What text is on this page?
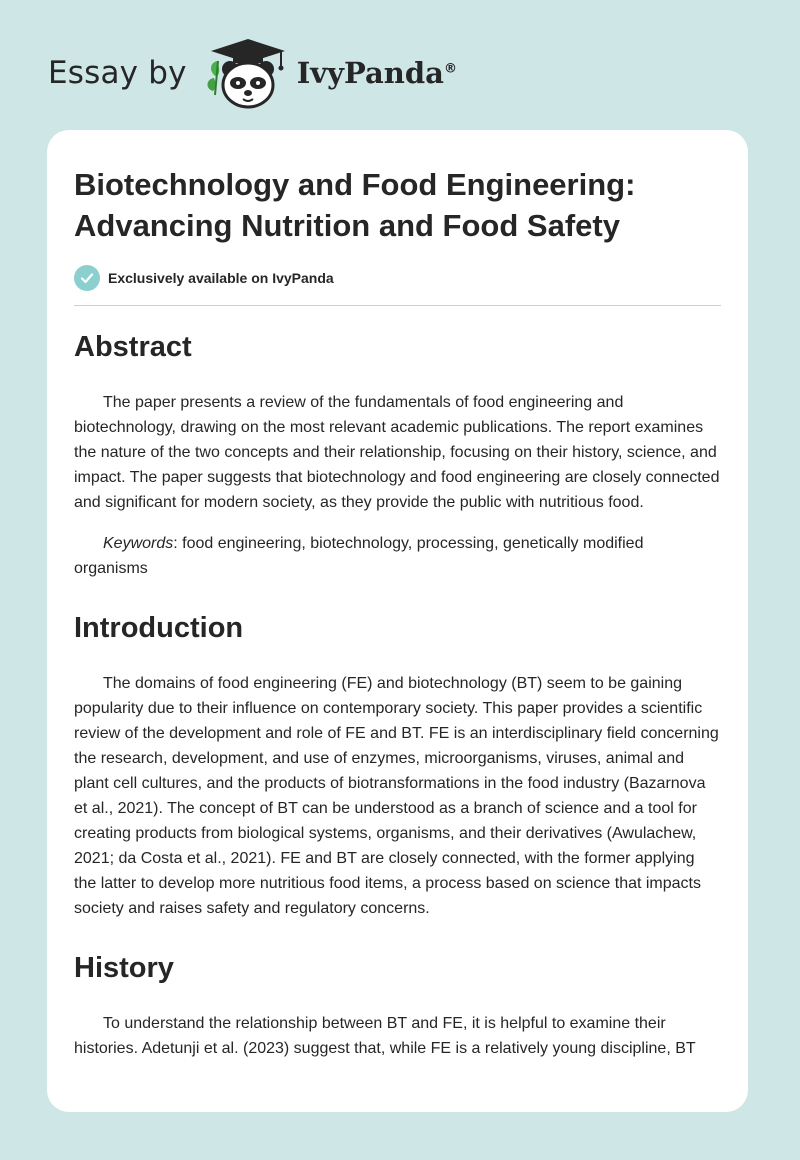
Essay by	IvyPanda®
Biotechnology and Food Engineering:
Advancing Nutrition and Food Safety
Exclusively available on IvyPanda
Abstract

The paper presents a review of the fundamentals of food engineering and biotechnology, drawing on the most relevant academic publications. The report examines the nature of the two concepts and their relationship, focusing on their history, science, and impact. The paper suggests that biotechnology and food engineering are closely connected and significant for modern society, as they provide the public with nutritious food.

Keywords: food engineering, biotechnology, processing, genetically modified organisms

Introduction

The domains of food engineering (FE) and biotechnology (BT) seem to be gaining popularity due to their influence on contemporary society. This paper provides a scientific review of the development and role of FE and BT. FE is an interdisciplinary field concerning the research, development, and use of enzymes, microorganisms, viruses, animal and plant cell cultures, and the products of biotransformations in the food industry (Bazarnova et al., 2021). The concept of BT can be understood as a branch of science and a tool for creating products from biological systems, organisms, and their derivatives (Awulachew, 2021; da Costa et al., 2021). FE and BT are closely connected, with the former applying the latter to develop more nutritious food items, a process based on science that impacts society and raises safety and regulatory concerns.

History

To understand the relationship between BT and FE, it is helpful to examine their histories. Adetunji et al. (2023) suggest that, while FE is a relatively young discipline, BT
